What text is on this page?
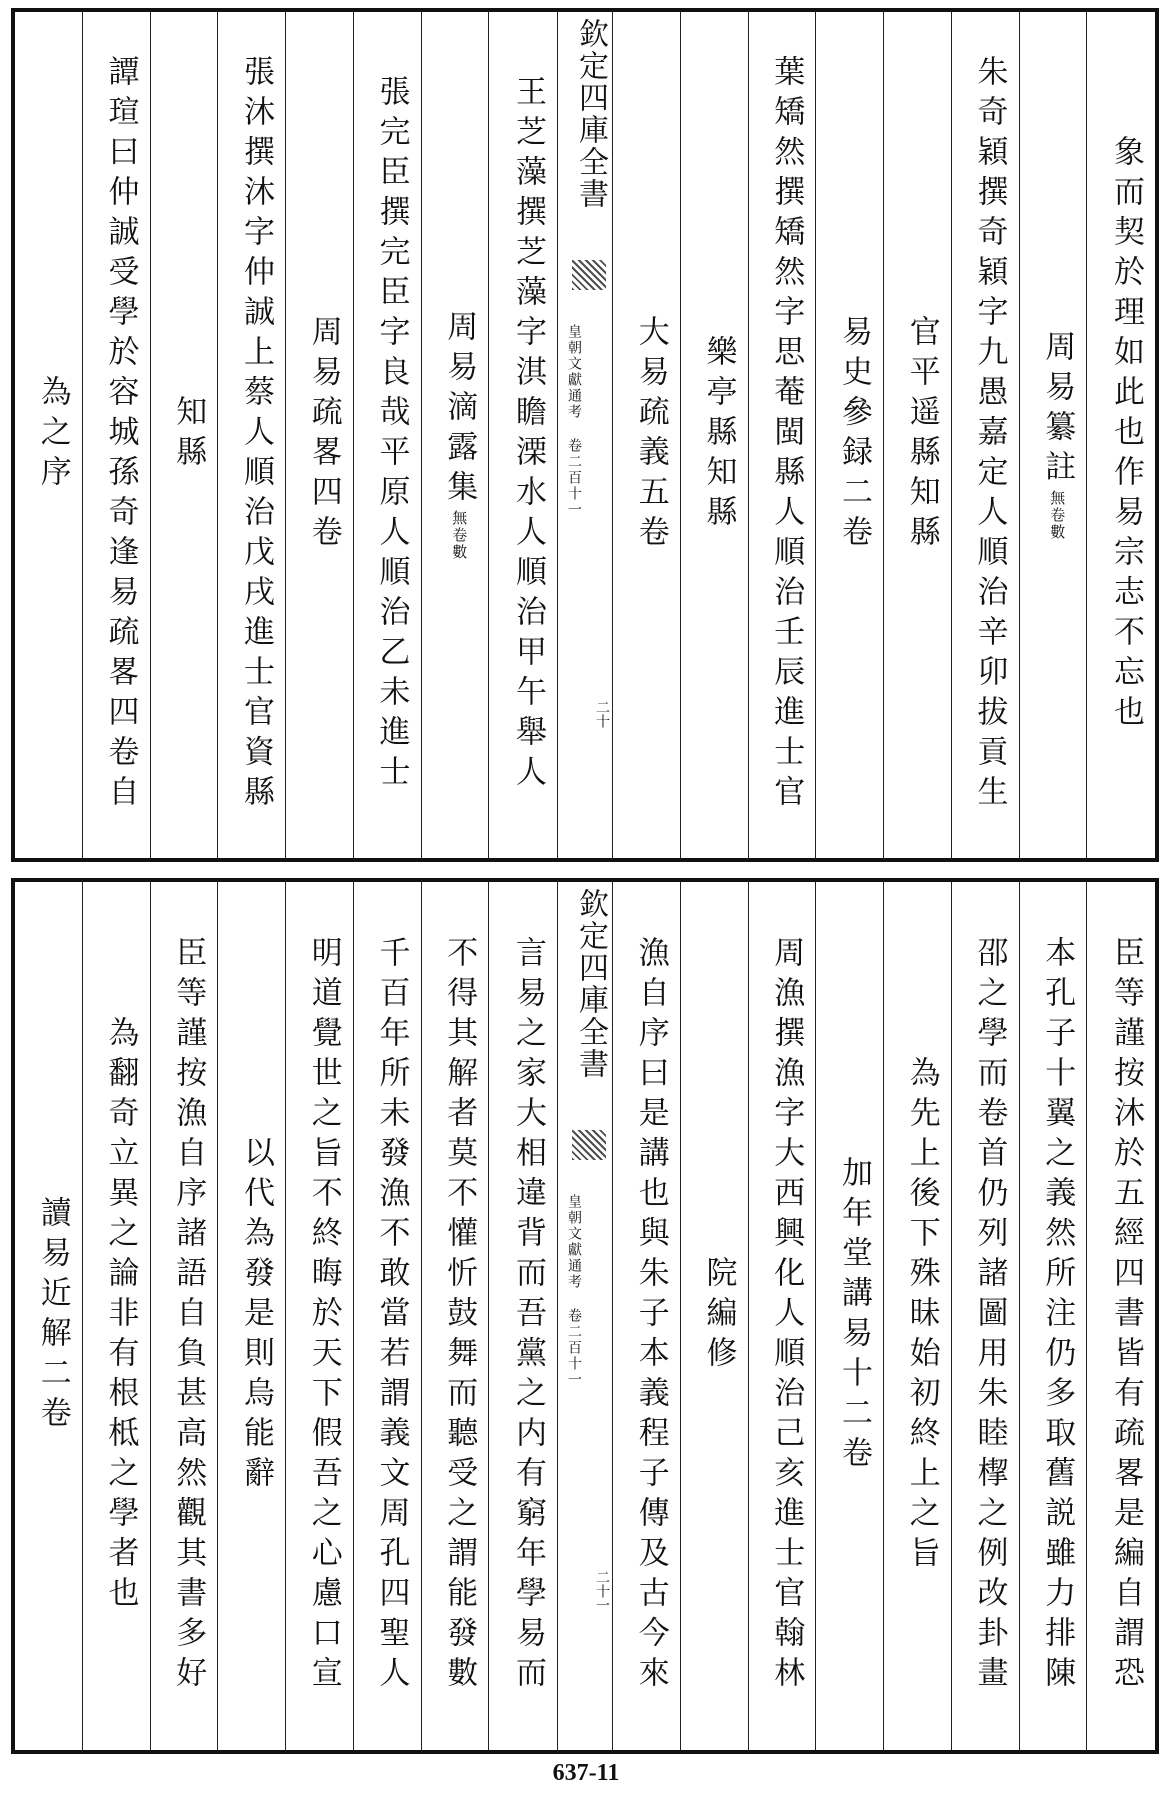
象而契於理如此也作易宗志不忘也
周易纂註
無卷數
朱奇穎撰奇穎字九愚嘉定人順治辛卯拔貢生
官平遥縣知縣
易史參録二卷
葉矯然撰矯然字思菴閩縣人順治壬辰進士官
樂亭縣知縣
大易疏義五卷
欽定四庫全書
皇朝文獻通考 卷二百十一
二十
王芝藻撰芝藻字淇瞻溧水人順治甲午舉人
周易滴露集
無卷數
張完臣撰完臣字良哉平原人順治乙未進士
周易疏畧四卷
張沐撰沐字仲誠上蔡人順治戊戌進士官資縣
知縣
譚瑄曰仲誠受學於容城孫奇逢易疏畧四卷自
為之序
臣等謹按沐於五經四書皆有疏畧是編自謂恐
本孔子十翼之義然所注仍多取舊説雖力排陳
邵之學而卷首仍列諸圖用朱睦㮮之例改卦畫
為先上後下殊昧始初終上之旨
加年堂講易十二卷
周漁撰漁字大西興化人順治己亥進士官翰林
院編修
漁自序曰是講也與朱子本義程子傳及古今來
欽定四庫全書
皇朝文獻通考 卷二百十一
二十一
言易之家大相違背而吾黨之内有窮年學易而
不得其解者莫不懽忻鼓舞而聽受之謂能發數
千百年所未發漁不敢當若謂義文周孔四聖人
明道覺世之旨不終晦於天下假吾之心慮口宣
以代為發是則烏能辭
臣等謹按漁自序諸語自負甚高然觀其書多好
為翻奇立異之論非有根柢之學者也
讀易近解二卷
637-11
